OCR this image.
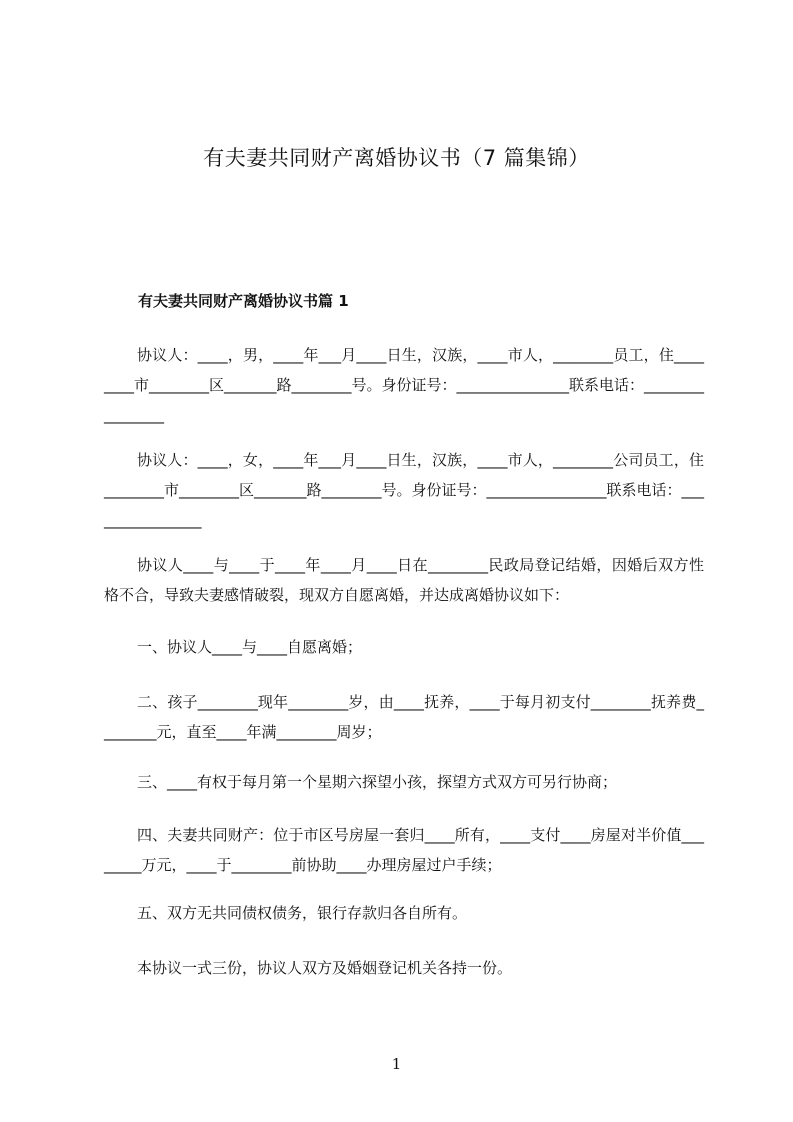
有夫妻共同财产离婚协议书（7 篇集锦）
有夫妻共同财产离婚协议书篇 1

协议人：____，男，____年___月____日生，汉族，____市人，________员工，住________市________区_______路________号。身份证号：_______________联系电话：________________

协议人：____，女，____年___月____日生，汉族，____市人，________公司员工，住________市________区_______路________号。身份证号：________________联系电话：________________

协议人____与____于____年____月____日在________民政局登记结婚，因婚后双方性格不合，导致夫妻感情破裂，现双方自愿离婚，并达成离婚协议如下：

一、协议人____与____自愿离婚；

二、孩子________现年________岁，由____抚养，____于每月初支付________抚养费________元，直至____年满________周岁；

三、____有权于每月第一个星期六探望小孩，探望方式双方可另行协商；

四、夫妻共同财产：位于市区号房屋一套归____所有，____支付____房屋对半价值________万元，____于________前协助____办理房屋过户手续；

五、双方无共同债权债务，银行存款归各自所有。

本协议一式三份，协议人双方及婚姻登记机关各持一份。

1
